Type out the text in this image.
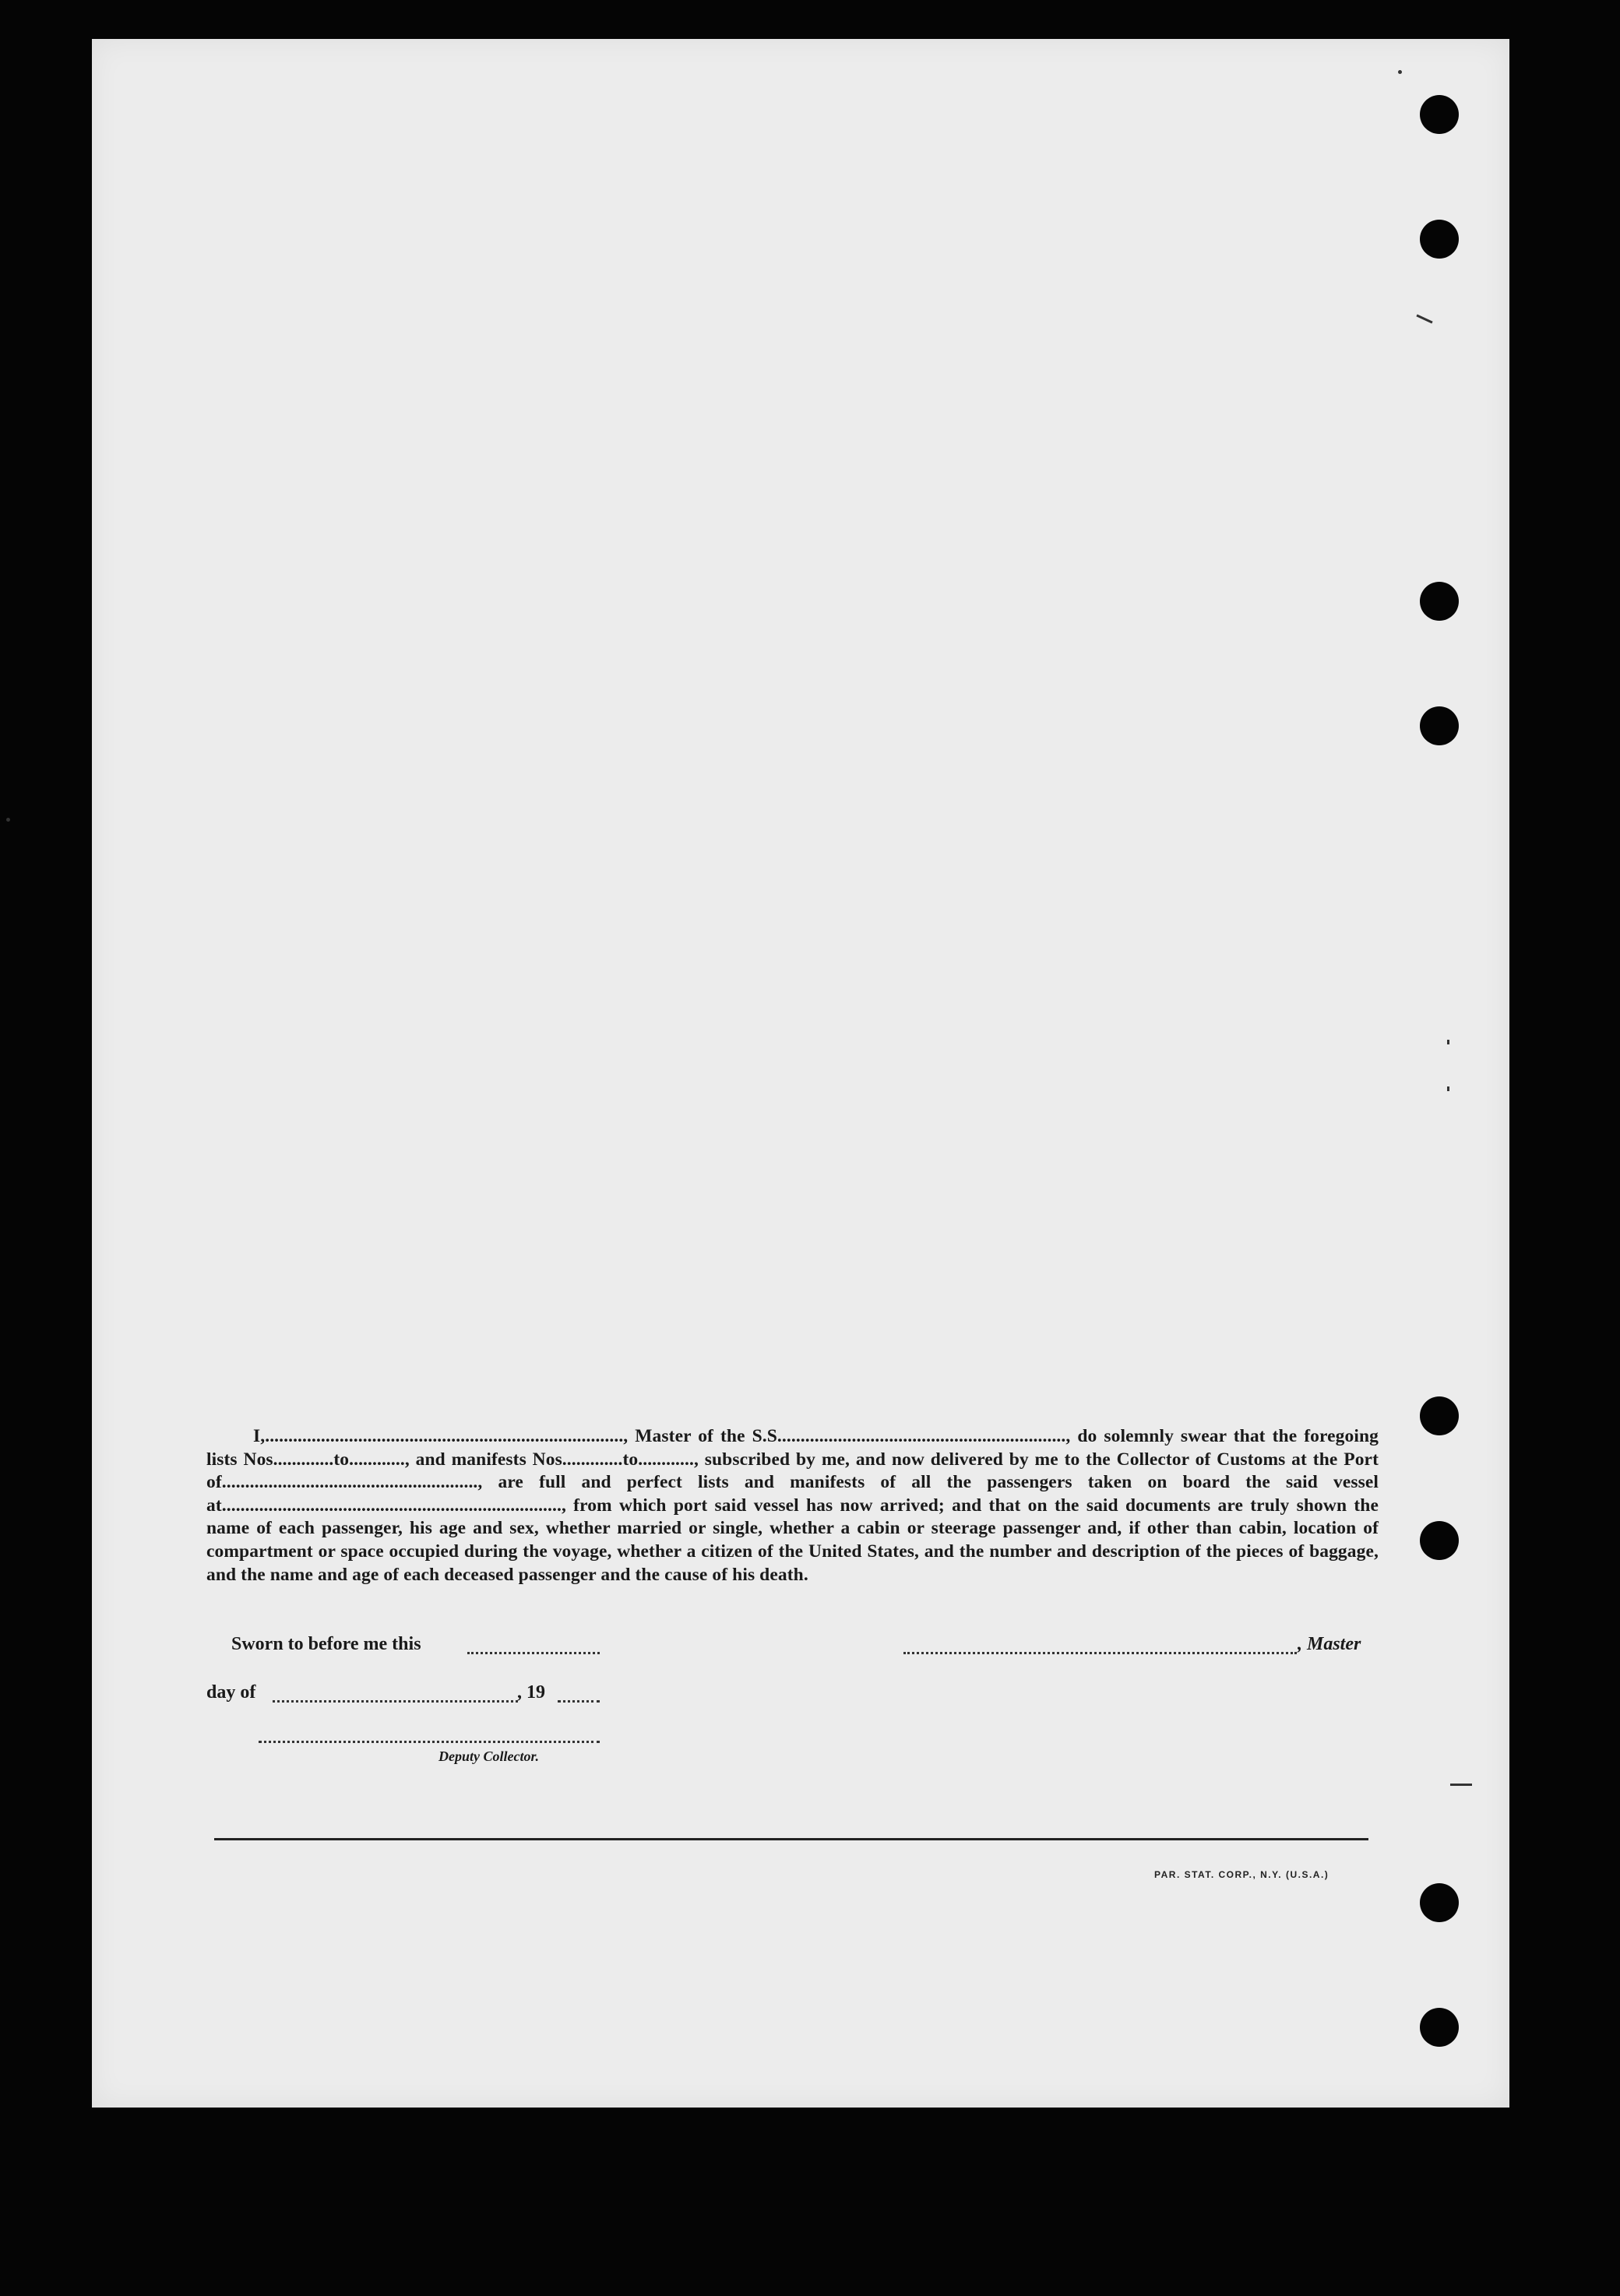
I,............................................................................., Master of the S.S.............................................................., do solemnly swear that the foregoing lists Nos.............to............, and manifests Nos.............to............, subscribed by me, and now delivered by me to the Collector of Customs at the Port of......................................................., are full and perfect lists and manifests of all the passengers taken on board the said vessel at........................................................................., from which port said vessel has now arrived; and that on the said documents are truly shown the name of each passenger, his age and sex, whether married or single, whether a cabin or steerage passenger and, if other than cabin, location of compartment or space occupied during the voyage, whether a citizen of the United States, and the number and description of the pieces of baggage, and the name and age of each deceased passenger and the cause of his death.
Sworn to before me this	, Master
day of	, 19
Deputy Collector.
PAR. STAT. CORP., N.Y. (U.S.A.)
